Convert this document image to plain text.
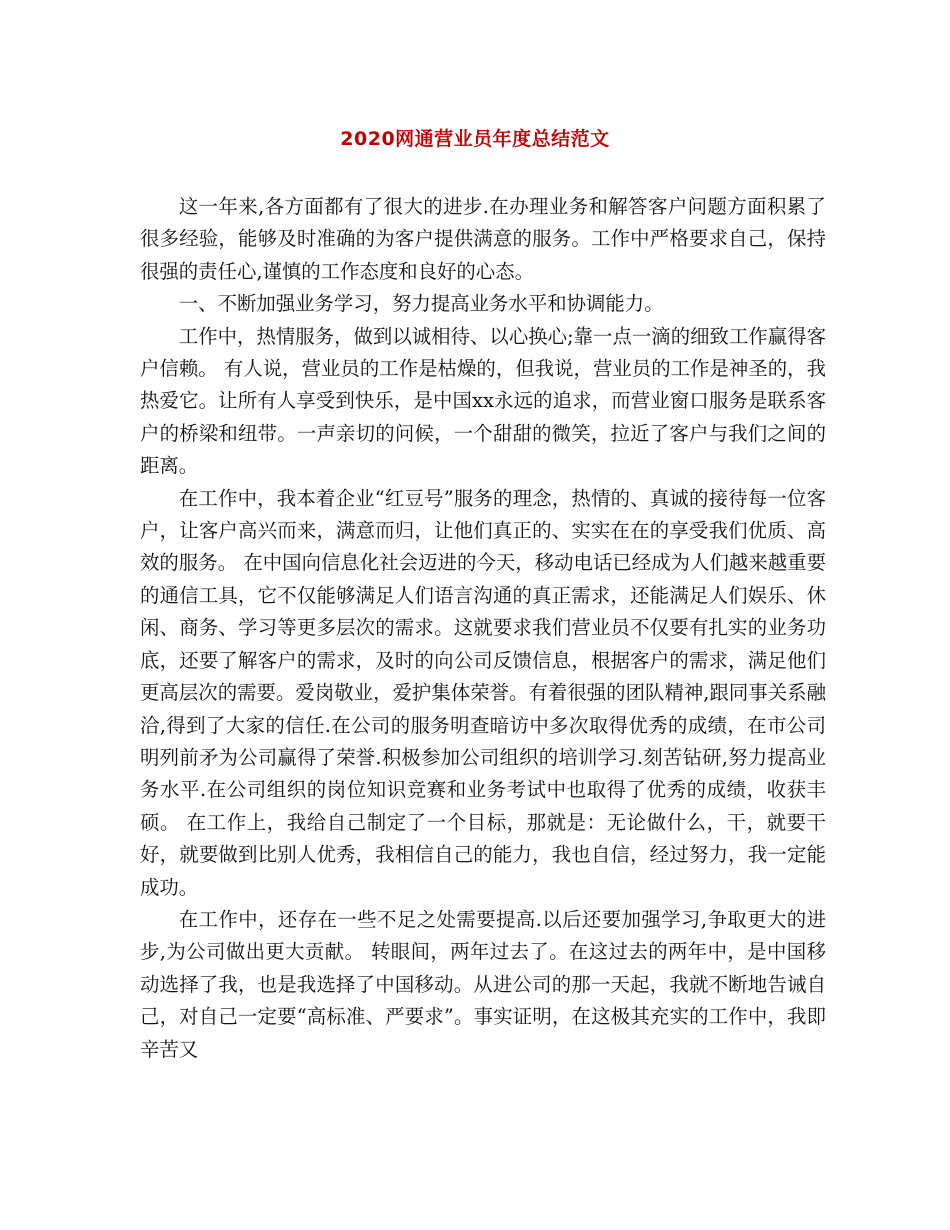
2020网通营业员年度总结范文

这一年来,各方面都有了很大的进步.在办理业务和解答客户问题方面积累了很多经验，能够及时准确的为客户提供满意的服务。工作中严格要求自己，保持很强的责任心,谨慎的工作态度和良好的心态。

一、不断加强业务学习，努力提高业务水平和协调能力。

工作中，热情服务，做到以诚相待、以心换心;靠一点一滴的细致工作赢得客户信赖。 有人说，营业员的工作是枯燥的，但我说，营业员的工作是神圣的，我热爱它。让所有人享受到快乐，是中国xx永远的追求，而营业窗口服务是联系客户的桥梁和纽带。一声亲切的问候，一个甜甜的微笑，拉近了客户与我们之间的距离。

在工作中，我本着企业“红豆号”服务的理念，热情的、真诚的接待每一位客户，让客户高兴而来，满意而归，让他们真正的、实实在在的享受我们优质、高效的服务。 在中国向信息化社会迈进的今天，移动电话已经成为人们越来越重要的通信工具，它不仅能够满足人们语言沟通的真正需求，还能满足人们娱乐、休闲、商务、学习等更多层次的需求。这就要求我们营业员不仅要有扎实的业务功底，还要了解客户的需求，及时的向公司反馈信息，根据客户的需求，满足他们更高层次的需要。爱岗敬业，爱护集体荣誉。有着很强的团队精神,跟同事关系融洽,得到了大家的信任.在公司的服务明查暗访中多次取得优秀的成绩，在市公司明列前矛为公司赢得了荣誉.积极参加公司组织的培训学习.刻苦钻研,努力提高业务水平.在公司组织的岗位知识竞赛和业务考试中也取得了优秀的成绩，收获丰硕。 在工作上，我给自己制定了一个目标，那就是：无论做什么，干，就要干好，就要做到比别人优秀，我相信自己的能力，我也自信，经过努力，我一定能成功。

在工作中，还存在一些不足之处需要提高.以后还要加强学习,争取更大的进步,为公司做出更大贡献。 转眼间，两年过去了。在这过去的两年中，是中国移动选择了我，也是我选择了中国移动。从进公司的那一天起，我就不断地告诫自己，对自己一定要“高标准、严要求”。事实证明，在这极其充实的工作中，我即辛苦又
